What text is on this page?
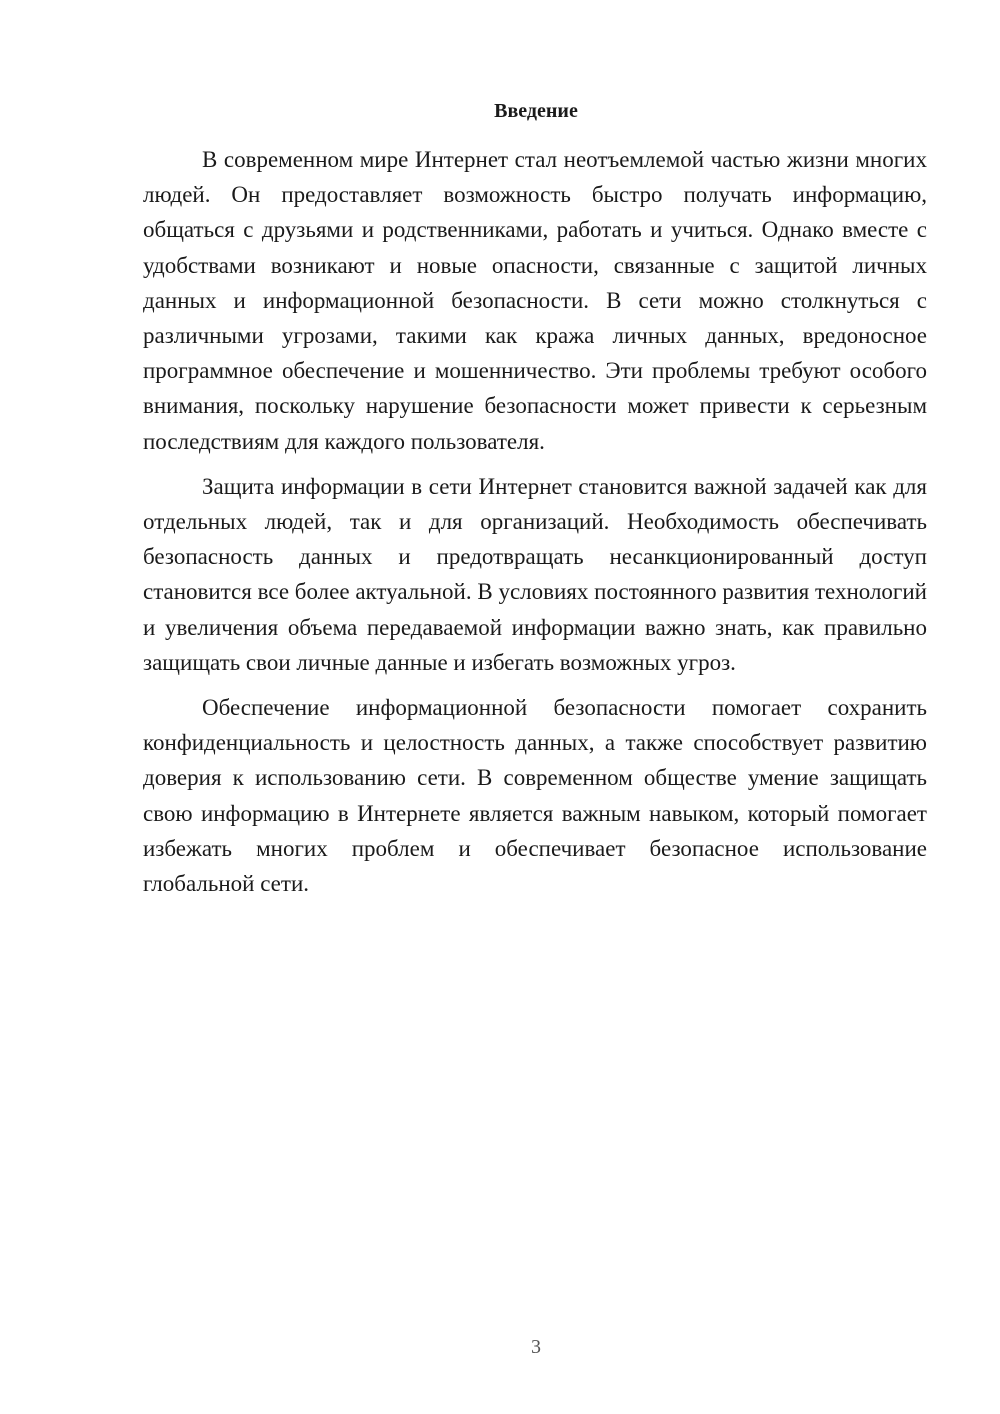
Введение

В современном мире Интернет стал неотъемлемой частью жизни многих людей. Он предоставляет возможность быстро получать информацию, общаться с друзьями и родственниками, работать и учиться. Однако вместе с удобствами возникают и новые опасности, связанные с защитой личных данных и информационной безопасности. В сети можно столкнуться с различными угрозами, такими как кража личных данных, вредоносное программное обеспечение и мошенничество. Эти проблемы требуют особого внимания, поскольку нарушение безопасности может привести к серьезным последствиям для каждого пользователя.

Защита информации в сети Интернет становится важной задачей как для отдельных людей, так и для организаций. Необходимость обеспечивать безопасность данных и предотвращать несанкционированный доступ становится все более актуальной. В условиях постоянного развития технологий и увеличения объема передаваемой информации важно знать, как правильно защищать свои личные данные и избегать возможных угроз.

Обеспечение информационной безопасности помогает сохранить конфиденциальность и целостность данных, а также способствует развитию доверия к использованию сети. В современном обществе умение защищать свою информацию в Интернете является важным навыком, который помогает избежать многих проблем и обеспечивает безопасное использование глобальной сети.

3
